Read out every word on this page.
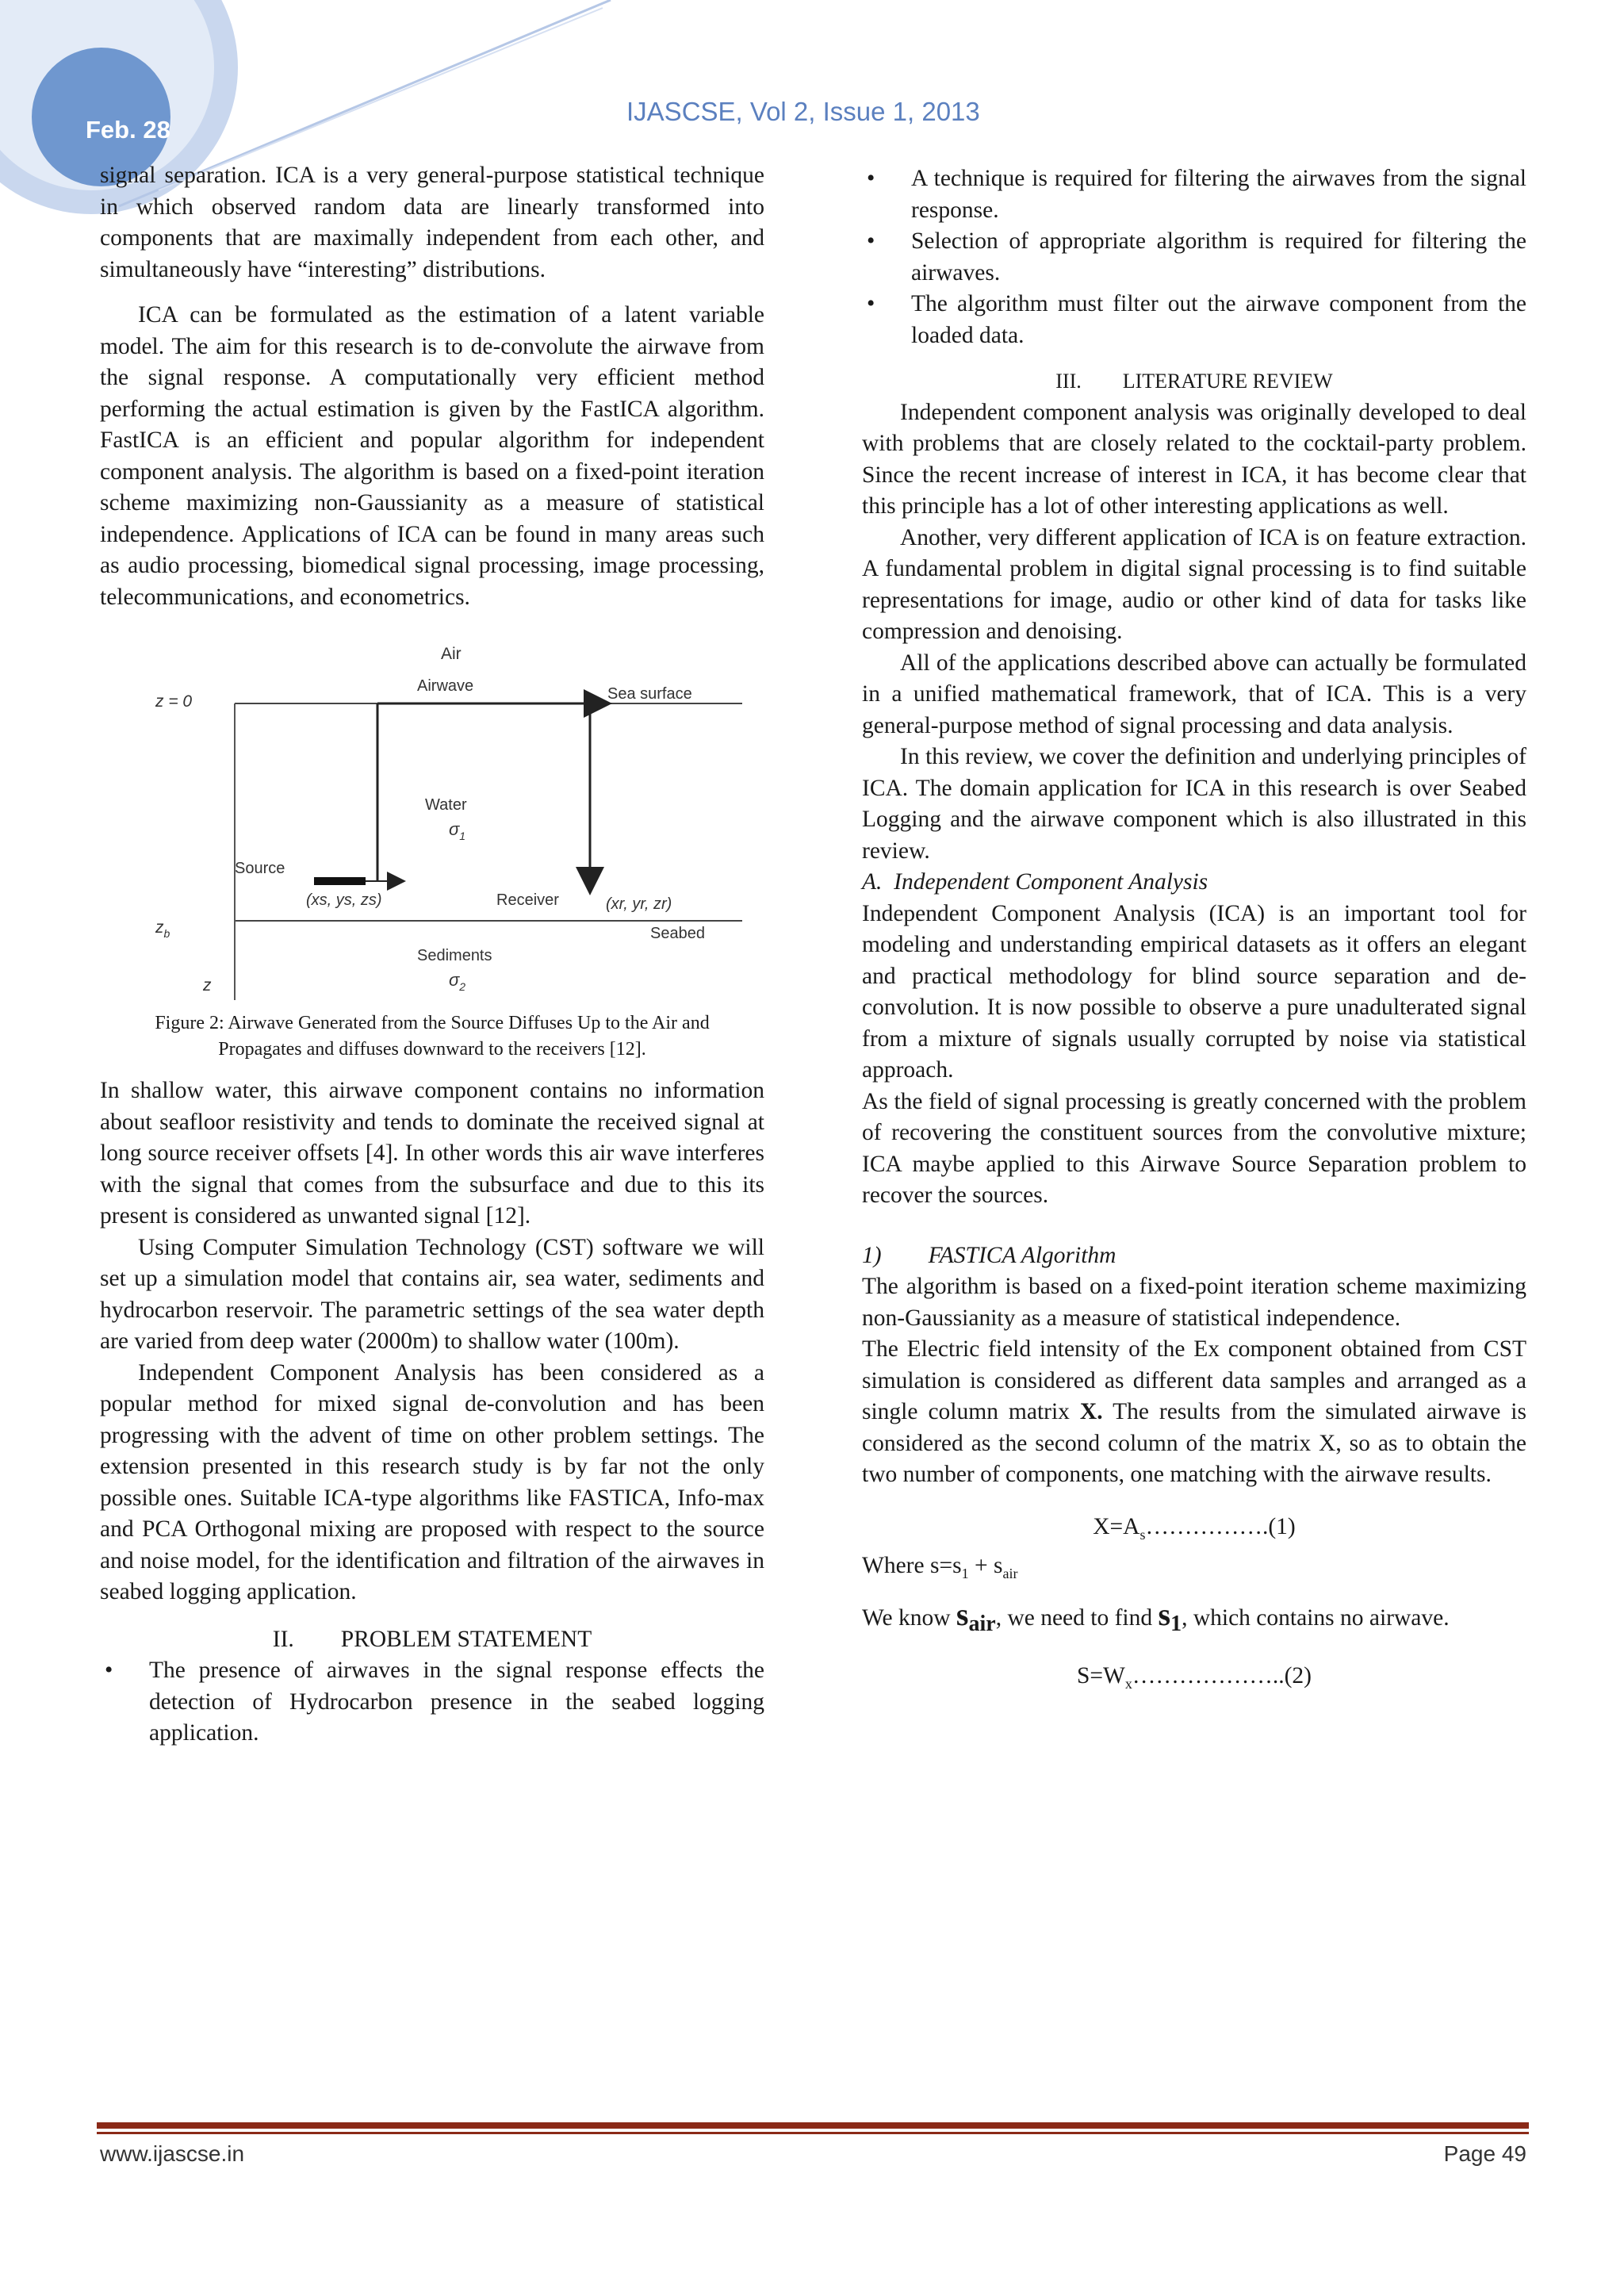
Feb. 28
IJASCSE, Vol 2, Issue 1, 2013

signal separation. ICA is a very general-purpose statistical technique in which observed random data are linearly transformed into components that are maximally independent from each other, and simultaneously have “interesting” distributions.

ICA can be formulated as the estimation of a latent variable model. The aim for this research is to de-convolute the airwave from the signal response. A computationally very efficient method performing the actual estimation is given by the FastICA algorithm. FastICA is an efficient and popular algorithm for independent component analysis. The algorithm is based on a fixed-point iteration scheme maximizing non-Gaussianity as a measure of statistical independence. Applications of ICA can be found in many areas such as audio processing, biomedical signal processing, image processing, telecommunications, and econometrics.

Air
z = 0
Airwave	Sea surface
Water
$\sigma_1$
Source
(xs, ys, zs)	Receiver	(xr, yr, zr)
$z_b$	Seabed
Sediments
$\sigma_2$
z
Figure 2: Airwave Generated from the Source Diffuses Up to the Air and
Propagates and diffuses downward to the receivers [12].

In shallow water, this airwave component contains no information about seafloor resistivity and tends to dominate the received signal at long source receiver offsets [4]. In other words this air wave interferes with the signal that comes from the subsurface and due to this its present is considered as unwanted signal [12].

Using Computer Simulation Technology (CST) software we will set up a simulation model that contains air, sea water, sediments and hydrocarbon reservoir. The parametric settings of the sea water depth are varied from deep water (2000m) to shallow water (100m).

Independent Component Analysis has been considered as a popular method for mixed signal de-convolution and has been progressing with the advent of time on other problem settings. The extension presented in this research study is by far not the only possible ones. Suitable ICA-type algorithms like FASTICA, Info-max and PCA Orthogonal mixing are proposed with respect to the source and noise model, for the identification and filtration of the airwaves in seabed logging application.

II.  PROBLEM STATEMENT

• The presence of airwaves in the signal response effects the detection of Hydrocarbon presence in the seabed logging application.
• A technique is required for filtering the airwaves from the signal response.
• Selection of appropriate algorithm is required for filtering the airwaves.
• The algorithm must filter out the airwave component from the loaded data.

III.  LITERATURE REVIEW

Independent component analysis was originally developed to deal with problems that are closely related to the cocktail-party problem. Since the recent increase of interest in ICA, it has become clear that this principle has a lot of other interesting applications as well.

Another, very different application of ICA is on feature extraction. A fundamental problem in digital signal processing is to find suitable representations for image, audio or other kind of data for tasks like compression and denoising.

All of the applications described above can actually be formulated in a unified mathematical framework, that of ICA. This is a very general-purpose method of signal processing and data analysis.

In this review, we cover the definition and underlying principles of ICA. The domain application for ICA in this research is over Seabed Logging and the airwave component which is also illustrated in this review.

A. Independent Component Analysis

Independent Component Analysis (ICA) is an important tool for modeling and understanding empirical datasets as it offers an elegant and practical methodology for blind source separation and de-convolution. It is now possible to observe a pure unadulterated signal from a mixture of signals usually corrupted by noise via statistical approach.

As the field of signal processing is greatly concerned with the problem of recovering the constituent sources from the convolutive mixture; ICA maybe applied to this Airwave Source Separation problem to recover the sources.

1)  FASTICA Algorithm

The algorithm is based on a fixed-point iteration scheme maximizing non-Gaussianity as a measure of statistical independence.

The Electric field intensity of the Ex component obtained from CST simulation is considered as different data samples and arranged as a single column matrix X. The results from the simulated airwave is considered as the second column of the matrix X, so as to obtain the two number of components, one matching with the airwave results.

$X=A_s\dots\dots\dots\dots\dots.(1)$

Where $s=s_1 + s_{air}$

We know $s_{air}$, we need to find $s_1$, which contains no airwave.

$S=W_x\dots\dots\dots\dots\dots\dots..(2)$

www.ijascse.in	Page 49
